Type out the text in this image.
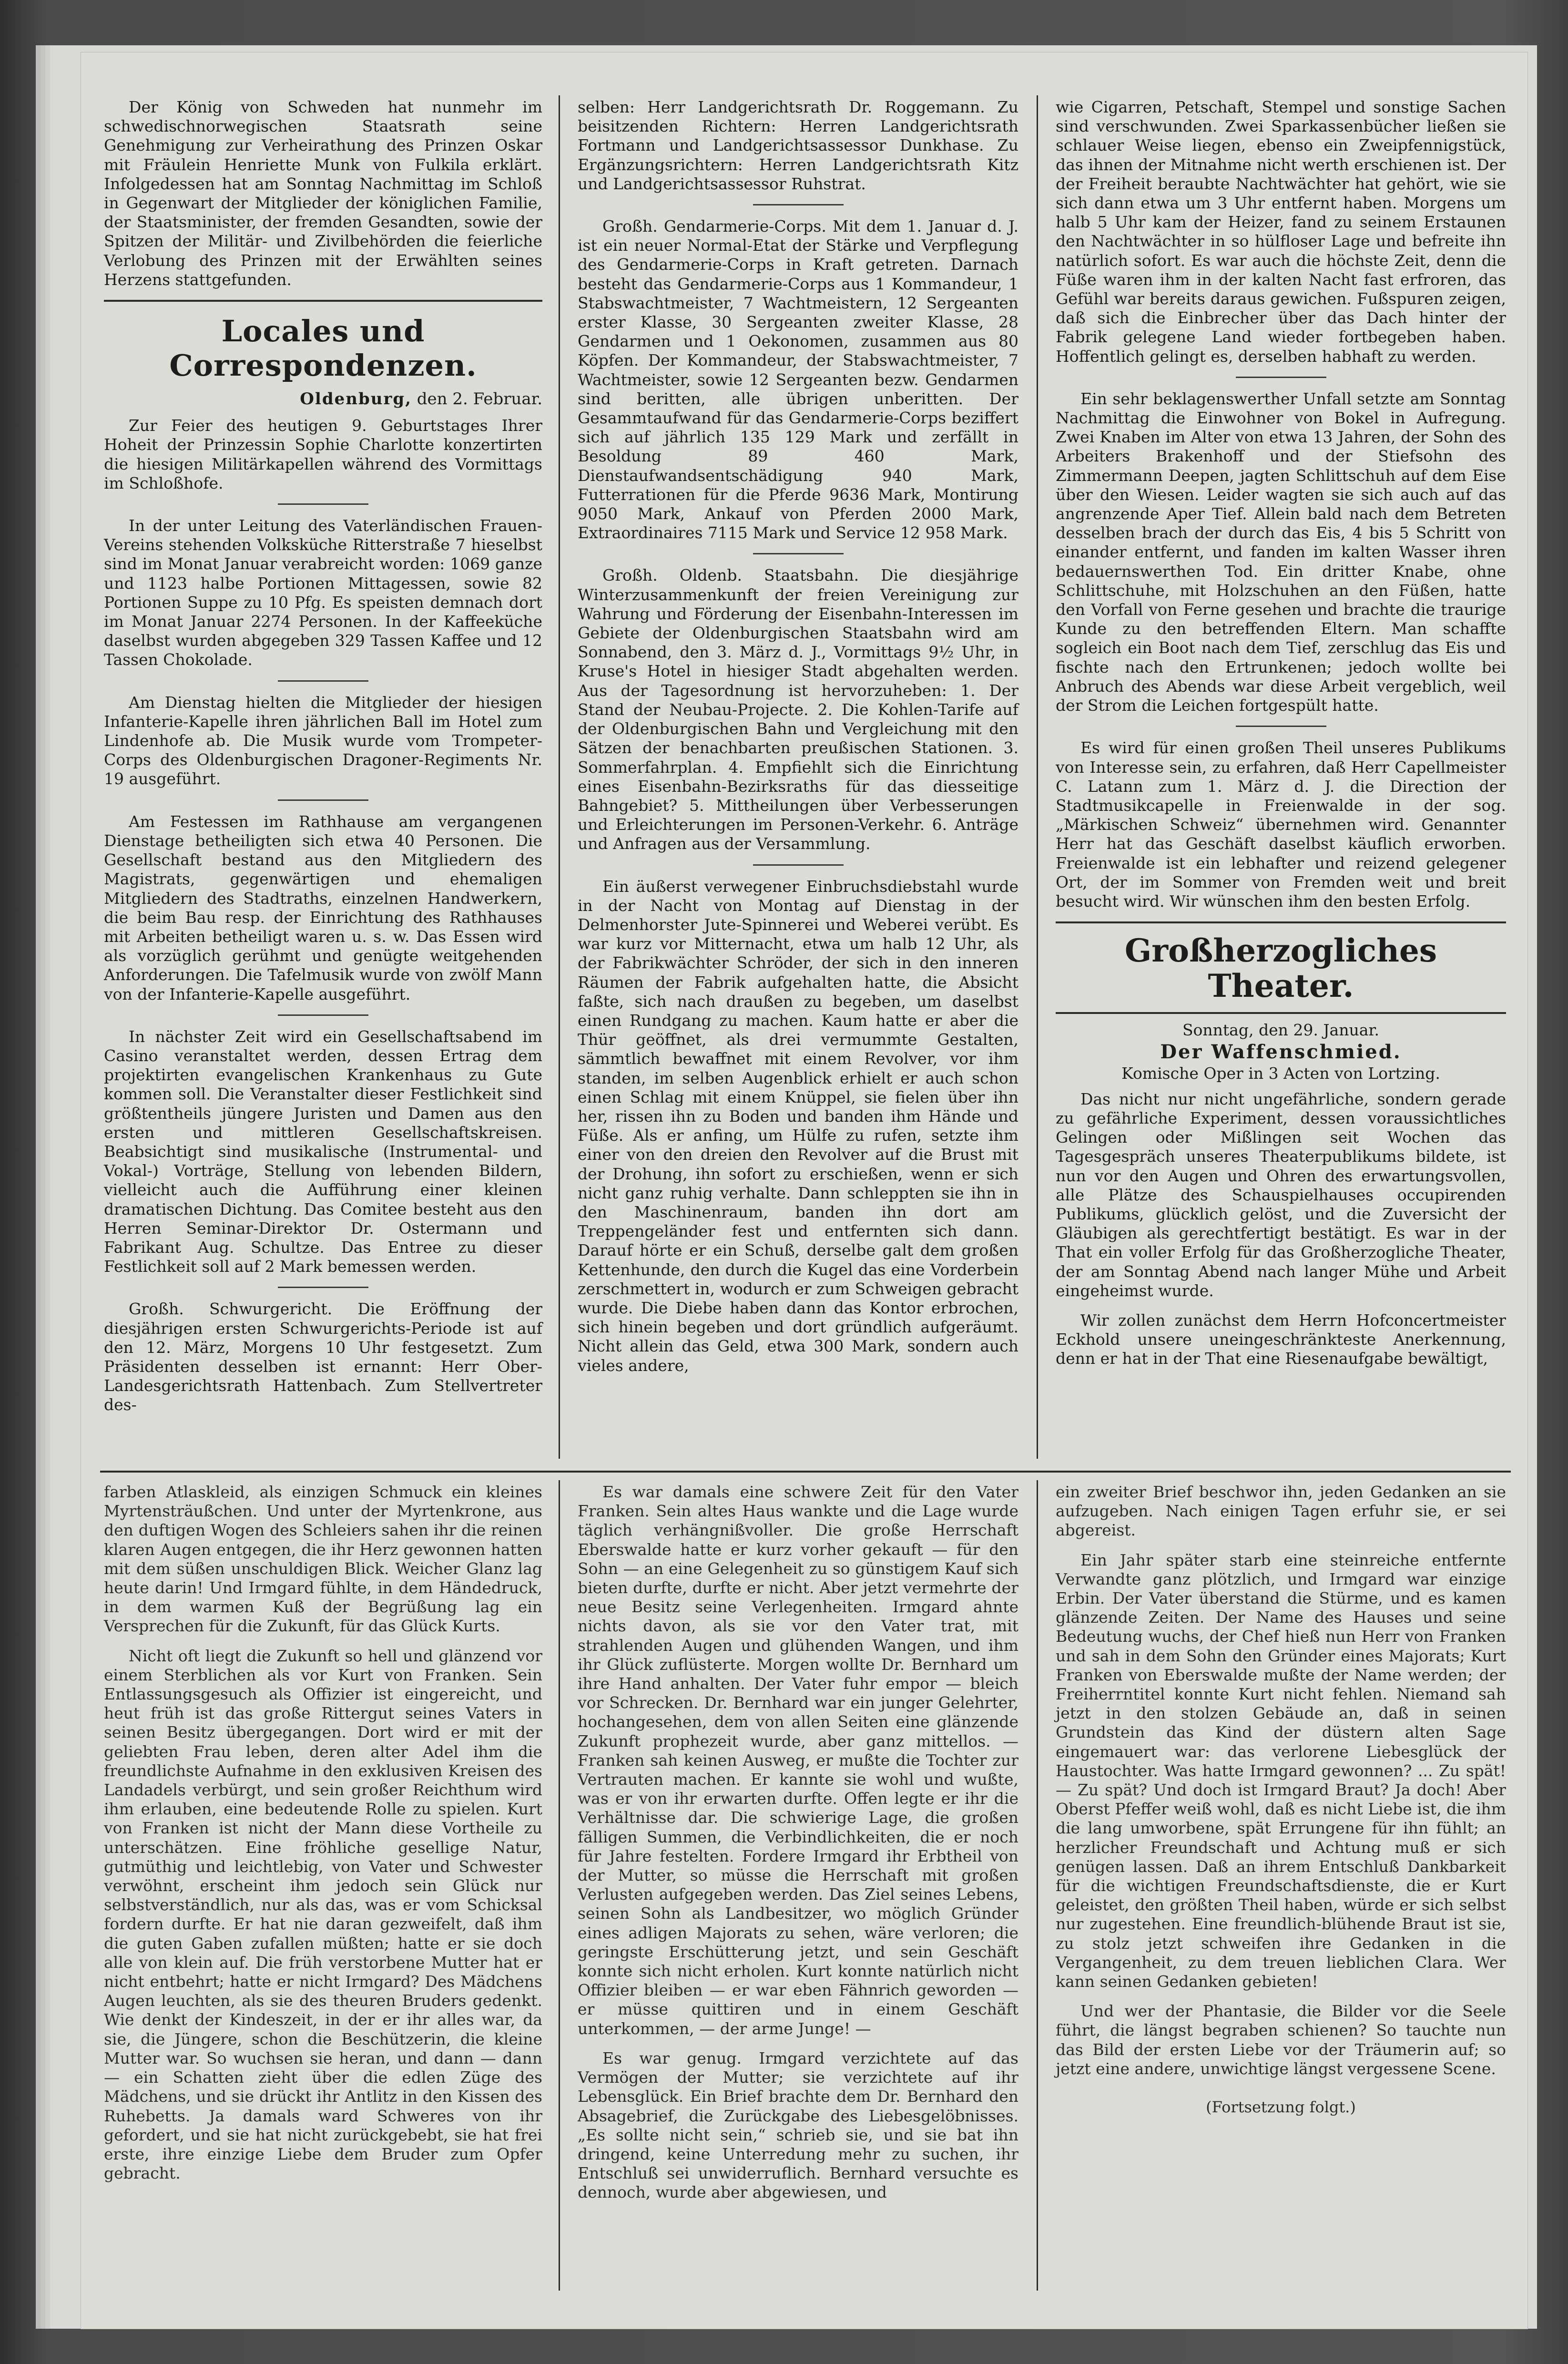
Der König von Schweden hat nunmehr im schwedischnorwegischen Staatsrath seine Genehmigung zur Verheirathung des Prinzen Oskar mit Fräulein Henriette Munk von Fulkila erklärt. Infolgedessen hat am Sonntag Nachmittag im Schloß in Gegenwart der Mitglieder der königlichen Familie, der Staatsminister, der fremden Gesandten, sowie der Spitzen der Militär- und Zivilbehörden die feierliche Verlobung des Prinzen mit der Erwählten seines Herzens stattgefunden.

Locales und Correspondenzen.
Oldenburg, den 2. Februar.

Zur Feier des heutigen 9. Geburtstages Ihrer Hoheit der Prinzessin Sophie Charlotte konzertirten die hiesigen Militärkapellen während des Vormittags im Schloßhofe.

In der unter Leitung des Vaterländischen Frauen-Vereins stehenden Volksküche Ritterstraße 7 hieselbst sind im Monat Januar verabreicht worden: 1069 ganze und 1123 halbe Portionen Mittagessen, sowie 82 Portionen Suppe zu 10 Pfg. Es speisten demnach dort im Monat Januar 2274 Personen. In der Kaffeeküche daselbst wurden abgegeben 329 Tassen Kaffee und 12 Tassen Chokolade.

Am Dienstag hielten die Mitglieder der hiesigen Infanterie-Kapelle ihren jährlichen Ball im Hotel zum Lindenhofe ab. Die Musik wurde vom Trompeter-Corps des Oldenburgischen Dragoner-Regiments Nr. 19 ausgeführt.

Am Festessen im Rathhause am vergangenen Dienstage betheiligten sich etwa 40 Personen. Die Gesellschaft bestand aus den Mitgliedern des Magistrats, gegenwärtigen und ehemaligen Mitgliedern des Stadtraths, einzelnen Handwerkern, die beim Bau resp. der Einrichtung des Rathhauses mit Arbeiten betheiligt waren u. s. w. Das Essen wird als vorzüglich gerühmt und genügte weitgehenden Anforderungen. Die Tafelmusik wurde von zwölf Mann von der Infanterie-Kapelle ausgeführt.

In nächster Zeit wird ein Gesellschaftsabend im Casino veranstaltet werden, dessen Ertrag dem projektirten evangelischen Krankenhaus zu Gute kommen soll. Die Veranstalter dieser Festlichkeit sind größtentheils jüngere Juristen und Damen aus den ersten und mittleren Gesellschaftskreisen. Beabsichtigt sind musikalische (Instrumental- und Vokal-) Vorträge, Stellung von lebenden Bildern, vielleicht auch die Aufführung einer kleinen dramatischen Dichtung. Das Comitee besteht aus den Herren Seminar-Direktor Dr. Ostermann und Fabrikant Aug. Schultze. Das Entree zu dieser Festlichkeit soll auf 2 Mark bemessen werden.

Großh. Schwurgericht. Die Eröffnung der diesjährigen ersten Schwurgerichts-Periode ist auf den 12. März, Morgens 10 Uhr festgesetzt. Zum Präsidenten desselben ist ernannt: Herr Ober-Landesgerichtsrath Hattenbach. Zum Stellvertreter des-

selben: Herr Landgerichtsrath Dr. Roggemann. Zu beisitzenden Richtern: Herren Landgerichtsrath Fortmann und Landgerichtsassessor Dunkhase. Zu Ergänzungsrichtern: Herren Landgerichtsrath Kitz und Landgerichtsassessor Ruhstrat.

Großh. Gendarmerie-Corps. Mit dem 1. Januar d. J. ist ein neuer Normal-Etat der Stärke und Verpflegung des Gendarmerie-Corps in Kraft getreten. Darnach besteht das Gendarmerie-Corps aus 1 Kommandeur, 1 Stabswachtmeister, 7 Wachtmeistern, 12 Sergeanten erster Klasse, 30 Sergeanten zweiter Klasse, 28 Gendarmen und 1 Oekonomen, zusammen aus 80 Köpfen. Der Kommandeur, der Stabswachtmeister, 7 Wachtmeister, sowie 12 Sergeanten bezw. Gendarmen sind beritten, alle übrigen unberitten. Der Gesammtaufwand für das Gendarmerie-Corps beziffert sich auf jährlich 135 129 Mark und zerfällt in Besoldung 89 460 Mark, Dienstaufwandsentschädigung 940 Mark, Futterrationen für die Pferde 9636 Mark, Montirung 9050 Mark, Ankauf von Pferden 2000 Mark, Extraordinaires 7115 Mark und Service 12 958 Mark.

Großh. Oldenb. Staatsbahn. Die diesjährige Winterzusammenkunft der freien Vereinigung zur Wahrung und Förderung der Eisenbahn-Interessen im Gebiete der Oldenburgischen Staatsbahn wird am Sonnabend, den 3. März d. J., Vormittags 9½ Uhr, in Kruse's Hotel in hiesiger Stadt abgehalten werden. Aus der Tagesordnung ist hervorzuheben: 1. Der Stand der Neubau-Projecte. 2. Die Kohlen-Tarife auf der Oldenburgischen Bahn und Vergleichung mit den Sätzen der benachbarten preußischen Stationen. 3. Sommerfahrplan. 4. Empfiehlt sich die Einrichtung eines Eisenbahn-Bezirksraths für das diesseitige Bahngebiet? 5. Mittheilungen über Verbesserungen und Erleichterungen im Personen-Verkehr. 6. Anträge und Anfragen aus der Versammlung.

Ein äußerst verwegener Einbruchsdiebstahl wurde in der Nacht von Montag auf Dienstag in der Delmenhorster Jute-Spinnerei und Weberei verübt. Es war kurz vor Mitternacht, etwa um halb 12 Uhr, als der Fabrikwächter Schröder, der sich in den inneren Räumen der Fabrik aufgehalten hatte, die Absicht faßte, sich nach draußen zu begeben, um daselbst einen Rundgang zu machen. Kaum hatte er aber die Thür geöffnet, als drei vermummte Gestalten, sämmtlich bewaffnet mit einem Revolver, vor ihm standen, im selben Augenblick erhielt er auch schon einen Schlag mit einem Knüppel, sie fielen über ihn her, rissen ihn zu Boden und banden ihm Hände und Füße. Als er anfing, um Hülfe zu rufen, setzte ihm einer von den dreien den Revolver auf die Brust mit der Drohung, ihn sofort zu erschießen, wenn er sich nicht ganz ruhig verhalte. Dann schleppten sie ihn in den Maschinenraum, banden ihn dort am Treppengeländer fest und entfernten sich dann. Darauf hörte er ein Schuß, derselbe galt dem großen Kettenhunde, den durch die Kugel das eine Vorderbein zerschmettert in, wodurch er zum Schweigen gebracht wurde. Die Diebe haben dann das Kontor erbrochen, sich hinein begeben und dort gründlich aufgeräumt. Nicht allein das Geld, etwa 300 Mark, sondern auch vieles andere,

wie Cigarren, Petschaft, Stempel und sonstige Sachen sind verschwunden. Zwei Sparkassenbücher ließen sie schlauer Weise liegen, ebenso ein Zweipfennigstück, das ihnen der Mitnahme nicht werth erschienen ist. Der der Freiheit beraubte Nachtwächter hat gehört, wie sie sich dann etwa um 3 Uhr entfernt haben. Morgens um halb 5 Uhr kam der Heizer, fand zu seinem Erstaunen den Nachtwächter in so hülfloser Lage und befreite ihn natürlich sofort. Es war auch die höchste Zeit, denn die Füße waren ihm in der kalten Nacht fast erfroren, das Gefühl war bereits daraus gewichen. Fußspuren zeigen, daß sich die Einbrecher über das Dach hinter der Fabrik gelegene Land wieder fortbegeben haben. Hoffentlich gelingt es, derselben habhaft zu werden.

Ein sehr beklagenswerther Unfall setzte am Sonntag Nachmittag die Einwohner von Bokel in Aufregung. Zwei Knaben im Alter von etwa 13 Jahren, der Sohn des Arbeiters Brakenhoff und der Stiefsohn des Zimmermann Deepen, jagten Schlittschuh auf dem Eise über den Wiesen. Leider wagten sie sich auch auf das angrenzende Aper Tief. Allein bald nach dem Betreten desselben brach der durch das Eis, 4 bis 5 Schritt von einander entfernt, und fanden im kalten Wasser ihren bedauernswerthen Tod. Ein dritter Knabe, ohne Schlittschuhe, mit Holzschuhen an den Füßen, hatte den Vorfall von Ferne gesehen und brachte die traurige Kunde zu den betreffenden Eltern. Man schaffte sogleich ein Boot nach dem Tief, zerschlug das Eis und fischte nach den Ertrunkenen; jedoch wollte bei Anbruch des Abends war diese Arbeit vergeblich, weil der Strom die Leichen fortgespült hatte.

Es wird für einen großen Theil unseres Publikums von Interesse sein, zu erfahren, daß Herr Capellmeister C. Latann zum 1. März d. J. die Direction der Stadtmusikcapelle in Freienwalde in der sog. „Märkischen Schweiz“ übernehmen wird. Genannter Herr hat das Geschäft daselbst käuflich erworben. Freienwalde ist ein lebhafter und reizend gelegener Ort, der im Sommer von Fremden weit und breit besucht wird. Wir wünschen ihm den besten Erfolg.

Großherzogliches Theater.

Sonntag, den 29. Januar.

Der Waffenschmied.

Komische Oper in 3 Acten von Lortzing.

Das nicht nur nicht ungefährliche, sondern gerade zu gefährliche Experiment, dessen voraussichtliches Gelingen oder Mißlingen seit Wochen das Tagesgespräch unseres Theaterpublikums bildete, ist nun vor den Augen und Ohren des erwartungsvollen, alle Plätze des Schauspielhauses occupirenden Publikums, glücklich gelöst, und die Zuversicht der Gläubigen als gerechtfertigt bestätigt. Es war in der That ein voller Erfolg für das Großherzogliche Theater, der am Sonntag Abend nach langer Mühe und Arbeit eingeheimst wurde.

Wir zollen zunächst dem Herrn Hofconcertmeister Eckhold unsere uneingeschränkteste Anerkennung, denn er hat in der That eine Riesenaufgabe bewältigt,

farben Atlaskleid, als einzigen Schmuck ein kleines Myrtensträußchen. Und unter der Myrtenkrone, aus den duftigen Wogen des Schleiers sahen ihr die reinen klaren Augen entgegen, die ihr Herz gewonnen hatten mit dem süßen unschuldigen Blick. Weicher Glanz lag heute darin! Und Irmgard fühlte, in dem Händedruck, in dem warmen Kuß der Begrüßung lag ein Versprechen für die Zukunft, für das Glück Kurts.

Nicht oft liegt die Zukunft so hell und glänzend vor einem Sterblichen als vor Kurt von Franken. Sein Entlassungsgesuch als Offizier ist eingereicht, und heut früh ist das große Rittergut seines Vaters in seinen Besitz übergegangen. Dort wird er mit der geliebten Frau leben, deren alter Adel ihm die freundlichste Aufnahme in den exklusiven Kreisen des Landadels verbürgt, und sein großer Reichthum wird ihm erlauben, eine bedeutende Rolle zu spielen. Kurt von Franken ist nicht der Mann diese Vortheile zu unterschätzen. Eine fröhliche gesellige Natur, gutmüthig und leichtlebig, von Vater und Schwester verwöhnt, erscheint ihm jedoch sein Glück nur selbstverständlich, nur als das, was er vom Schicksal fordern durfte. Er hat nie daran gezweifelt, daß ihm die guten Gaben zufallen müßten; hatte er sie doch alle von klein auf. Die früh verstorbene Mutter hat er nicht entbehrt; hatte er nicht Irmgard? Des Mädchens Augen leuchten, als sie des theuren Bruders gedenkt. Wie denkt der Kindeszeit, in der er ihr alles war, da sie, die Jüngere, schon die Beschützerin, die kleine Mutter war. So wuchsen sie heran, und dann — dann — ein Schatten zieht über die edlen Züge des Mädchens, und sie drückt ihr Antlitz in den Kissen des Ruhebetts. Ja damals ward Schweres von ihr gefordert, und sie hat nicht zurückgebebt, sie hat frei erste, ihre einzige Liebe dem Bruder zum Opfer gebracht.

Es war damals eine schwere Zeit für den Vater Franken. Sein altes Haus wankte und die Lage wurde täglich verhängnißvoller. Die große Herrschaft Eberswalde hatte er kurz vorher gekauft — für den Sohn — an eine Gelegenheit zu so günstigem Kauf sich bieten durfte, durfte er nicht. Aber jetzt vermehrte der neue Besitz seine Verlegenheiten. Irmgard ahnte nichts davon, als sie vor den Vater trat, mit strahlenden Augen und glühenden Wangen, und ihm ihr Glück zuflüsterte. Morgen wollte Dr. Bernhard um ihre Hand anhalten. Der Vater fuhr empor — bleich vor Schrecken. Dr. Bernhard war ein junger Gelehrter, hochangesehen, dem von allen Seiten eine glänzende Zukunft prophezeit wurde, aber ganz mittellos. — Franken sah keinen Ausweg, er mußte die Tochter zur Vertrauten machen. Er kannte sie wohl und wußte, was er von ihr erwarten durfte. Offen legte er ihr die Verhältnisse dar. Die schwierige Lage, die großen fälligen Summen, die Verbindlichkeiten, die er noch für Jahre festelten. Fordere Irmgard ihr Erbtheil von der Mutter, so müsse die Herrschaft mit großen Verlusten aufgegeben werden. Das Ziel seines Lebens, seinen Sohn als Landbesitzer, wo möglich Gründer eines adligen Majorats zu sehen, wäre verloren; die geringste Erschütterung jetzt, und sein Geschäft konnte sich nicht erholen. Kurt konnte natürlich nicht Offizier bleiben — er war eben Fähnrich geworden — er müsse quittiren und in einem Geschäft unterkommen, — der arme Junge! —

Es war genug. Irmgard verzichtete auf das Vermögen der Mutter; sie verzichtete auf ihr Lebensglück. Ein Brief brachte dem Dr. Bernhard den Absagebrief, die Zurückgabe des Liebesgelöbnisses. „Es sollte nicht sein,“ schrieb sie, und sie bat ihn dringend, keine Unterredung mehr zu suchen, ihr Entschluß sei unwiderruflich. Bernhard versuchte es dennoch, wurde aber abgewiesen, und

ein zweiter Brief beschwor ihn, jeden Gedanken an sie aufzugeben. Nach einigen Tagen erfuhr sie, er sei abgereist.

Ein Jahr später starb eine steinreiche entfernte Verwandte ganz plötzlich, und Irmgard war einzige Erbin. Der Vater überstand die Stürme, und es kamen glänzende Zeiten. Der Name des Hauses und seine Bedeutung wuchs, der Chef hieß nun Herr von Franken und sah in dem Sohn den Gründer eines Majorats; Kurt Franken von Eberswalde mußte der Name werden; der Freiherrntitel konnte Kurt nicht fehlen. Niemand sah jetzt in den stolzen Gebäude an, daß in seinen Grundstein das Kind der düstern alten Sage eingemauert war: das verlorene Liebesglück der Haustochter. Was hatte Irmgard gewonnen? ... Zu spät! — Zu spät? Und doch ist Irmgard Braut? Ja doch! Aber Oberst Pfeffer weiß wohl, daß es nicht Liebe ist, die ihm die lang umworbene, spät Errungene für ihn fühlt; an herzlicher Freundschaft und Achtung muß er sich genügen lassen. Daß an ihrem Entschluß Dankbarkeit für die wichtigen Freundschaftsdienste, die er Kurt geleistet, den größten Theil haben, würde er sich selbst nur zugestehen. Eine freundlich-blühende Braut ist sie, zu stolz jetzt schweifen ihre Gedanken in die Vergangenheit, zu dem treuen lieblichen Clara. Wer kann seinen Gedanken gebieten!

Und wer der Phantasie, die Bilder vor die Seele führt, die längst begraben schienen? So tauchte nun das Bild der ersten Liebe vor der Träumerin auf; so jetzt eine andere, unwichtige längst vergessene Scene.

(Fortsetzung folgt.)
